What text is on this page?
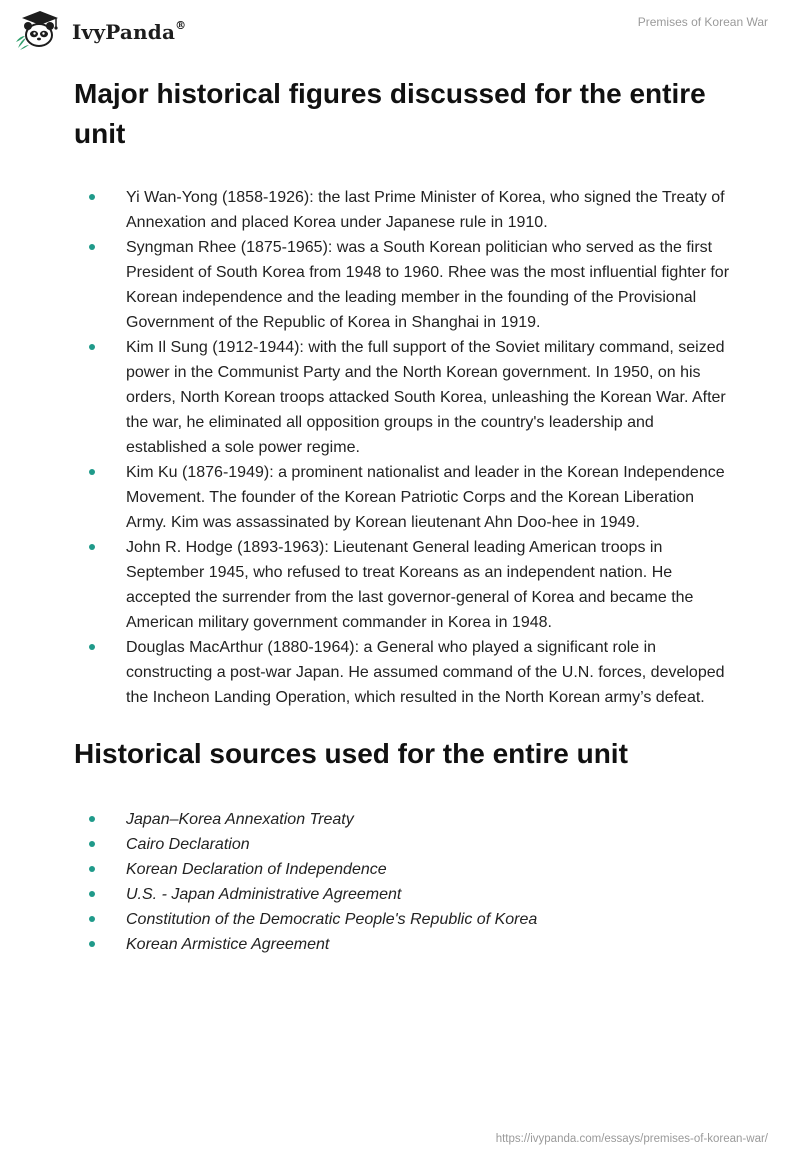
IvyPanda®	Premises of Korean War
Major historical figures discussed for the entire unit
Yi Wan-Yong (1858-1926): the last Prime Minister of Korea, who signed the Treaty of Annexation and placed Korea under Japanese rule in 1910.
Syngman Rhee (1875-1965): was a South Korean politician who served as the first President of South Korea from 1948 to 1960. Rhee was the most influential fighter for Korean independence and the leading member in the founding of the Provisional Government of the Republic of Korea in Shanghai in 1919.
Kim Il Sung (1912-1944): with the full support of the Soviet military command, seized power in the Communist Party and the North Korean government. In 1950, on his orders, North Korean troops attacked South Korea, unleashing the Korean War. After the war, he eliminated all opposition groups in the country's leadership and established a sole power regime.
Kim Ku (1876-1949): a prominent nationalist and leader in the Korean Independence Movement. The founder of the Korean Patriotic Corps and the Korean Liberation Army. Kim was assassinated by Korean lieutenant Ahn Doo-hee in 1949.
John R. Hodge (1893-1963): Lieutenant General leading American troops in September 1945, who refused to treat Koreans as an independent nation. He accepted the surrender from the last governor-general of Korea and became the American military government commander in Korea in 1948.
Douglas MacArthur (1880-1964): a General who played a significant role in constructing a post-war Japan. He assumed command of the U.N. forces, developed the Incheon Landing Operation, which resulted in the North Korean army’s defeat.
Historical sources used for the entire unit
Japan–Korea Annexation Treaty
Cairo Declaration
Korean Declaration of Independence
U.S. - Japan Administrative Agreement
Constitution of the Democratic People's Republic of Korea
Korean Armistice Agreement
https://ivypanda.com/essays/premises-of-korean-war/
